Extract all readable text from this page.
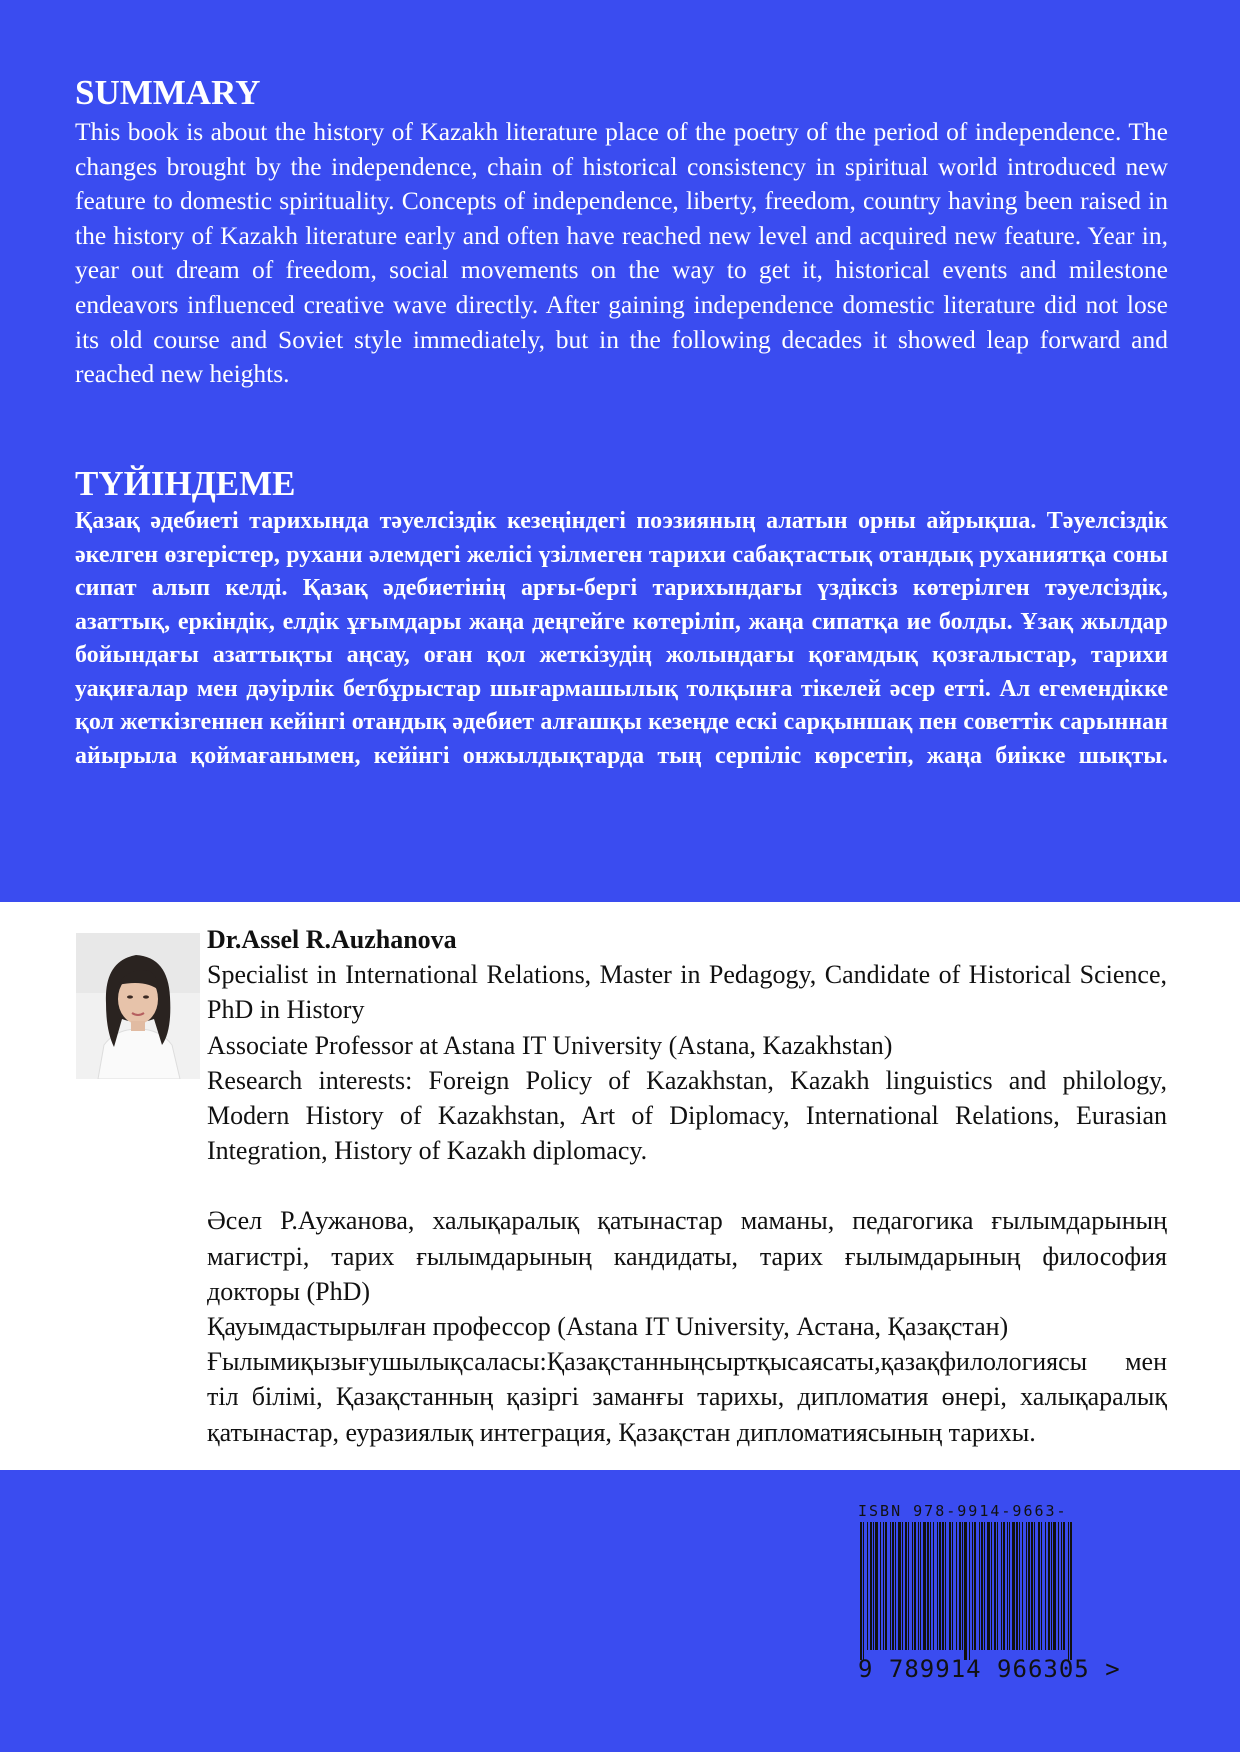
SUMMARY

This book is about the history of Kazakh literature place of the poetry of the period of independence. The changes brought by the independence, chain of historical consistency in spiritual world introduced new feature to domestic spirituality. Concepts of independence, liberty, freedom, country having been raised in the history of Kazakh literature early and often have reached new level and acquired new feature. Year in, year out dream of freedom, social movements on the way to get it, historical events and milestone endeavors influenced creative wave directly. After gaining independence domestic literature did not lose its old course and Soviet style immediately, but in the following decades it showed leap forward and reached new heights.

ТҮЙІНДЕМЕ

Қазақ әдебиеті тарихында тәуелсіздік кезеңіндегі поэзияның алатын орны айрықша. Тәуелсіздік әкелген өзгерістер, рухани әлемдегі желісі үзілмеген тарихи сабақтастық отандық руханиятқа соны сипат алып келді. Қазақ әдебиетінің арғы-бергі тарихындағы үздіксіз көтерілген тәуелсіздік, азаттық, еркіндік, елдік ұғымдары жаңа деңгейге көтеріліп, жаңа сипатқа ие болды. Ұзақ жылдар бойындағы азаттықты аңсау, оған қол жеткізудің жолындағы қоғамдық қозғалыстар, тарихи уақиғалар мен дәуірлік бетбұрыстар шығармашылық толқынға тікелей әсер етті. Ал егемендікке қол жеткізгеннен кейінгі отандық әдебиет алғашқы кезеңде ескі сарқыншақ пен советтік сарыннан айырыла қоймағанымен, кейінгі онжылдықтарда тың серпіліс көрсетіп, жаңа биікке шықты.

Dr.Assel R.Auzhanova

Specialist in International Relations, Master in Pedagogy, Candidate of Historical Science, PhD in History

Associate Professor at Astana IT University (Astana, Kazakhstan)

Research interests: Foreign Policy of Kazakhstan, Kazakh linguistics and philology, Modern History of Kazakhstan, Art of Diplomacy, International Relations, Eurasian Integration, History of Kazakh diplomacy.

Әсел Р.Аужанова, халықаралық қатынастар маманы, педагогика ғылымдарының магистрі, тарих ғылымдарының кандидаты, тарих ғылымдарының философия докторы (PhD)

Қауымдастырылған профессор (Astana IT University, Астана, Қазақстан)

Ғылымиқызығушылықсаласы:Қазақстанныңсыртқысаясаты,қазақфилологиясы мен тіл білімі, Қазақстанның қазіргі заманғы тарихы, дипломатия өнері, халықаралық қатынастар, еуразиялық интеграция, Қазақстан дипломатиясының тарихы.

ISBN 978-9914-9663-
9 789914 966305 >
